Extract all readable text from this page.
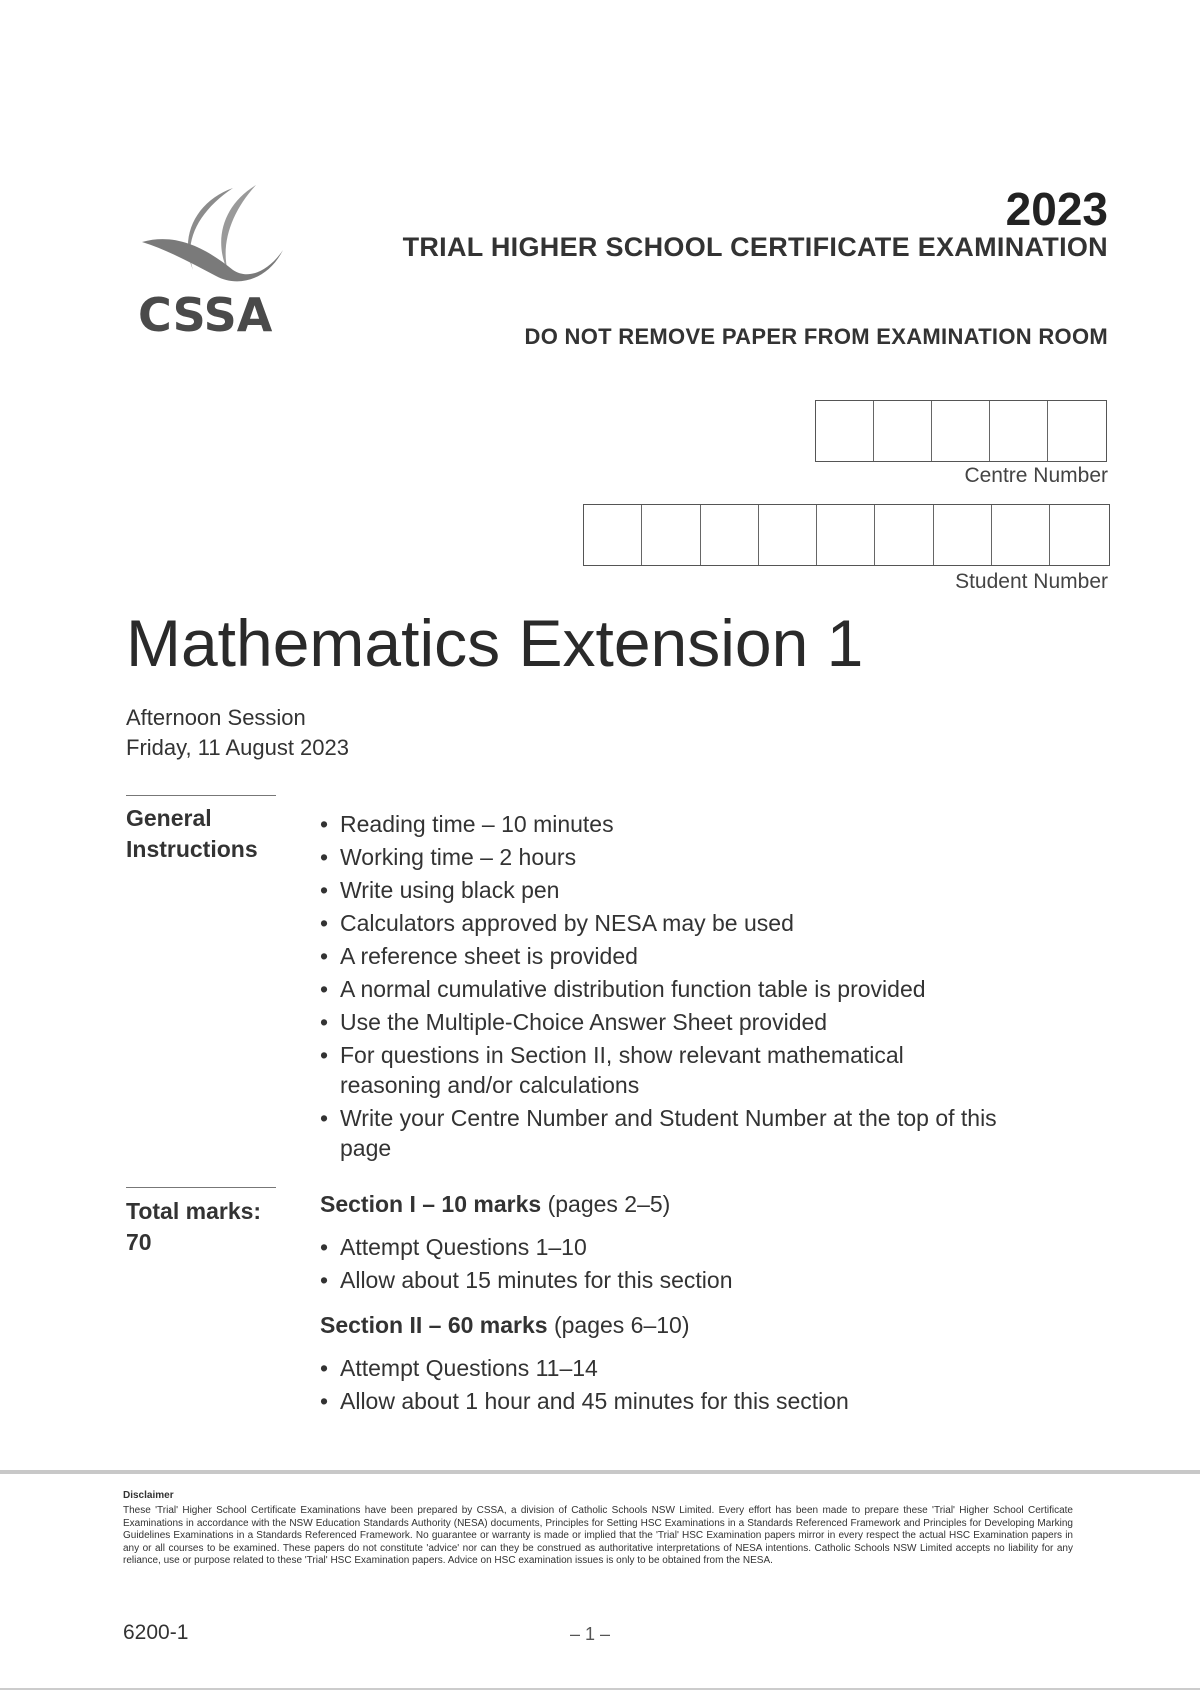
CSSA
2023
TRIAL HIGHER SCHOOL CERTIFICATE EXAMINATION
DO NOT REMOVE PAPER FROM EXAMINATION ROOM
Centre Number
Student Number
Mathematics Extension 1
Afternoon Session
Friday, 11 August 2023
General Instructions
• Reading time – 10 minutes
• Working time – 2 hours
• Write using black pen
• Calculators approved by NESA may be used
• A reference sheet is provided
• A normal cumulative distribution function table is provided
• Use the Multiple-Choice Answer Sheet provided
• For questions in Section II, show relevant mathematical reasoning and/or calculations
• Write your Centre Number and Student Number at the top of this page
Total marks:
70
Section I – 10 marks (pages 2–5)
• Attempt Questions 1–10
• Allow about 15 minutes for this section
Section II – 60 marks (pages 6–10)
• Attempt Questions 11–14
• Allow about 1 hour and 45 minutes for this section
Disclaimer
These 'Trial' Higher School Certificate Examinations have been prepared by CSSA, a division of Catholic Schools NSW Limited. Every effort has been made to prepare these 'Trial' Higher School Certificate Examinations in accordance with the NSW Education Standards Authority (NESA) documents, Principles for Setting HSC Examinations in a Standards Referenced Framework and Principles for Developing Marking Guidelines Examinations in a Standards Referenced Framework. No guarantee or warranty is made or implied that the 'Trial' HSC Examination papers mirror in every respect the actual HSC Examination papers in any or all courses to be examined. These papers do not constitute 'advice' nor can they be construed as authoritative interpretations of NESA intentions. Catholic Schools NSW Limited accepts no liability for any reliance, use or purpose related to these 'Trial' HSC Examination papers. Advice on HSC examination issues is only to be obtained from the NESA.
6200-1	– 1 –
